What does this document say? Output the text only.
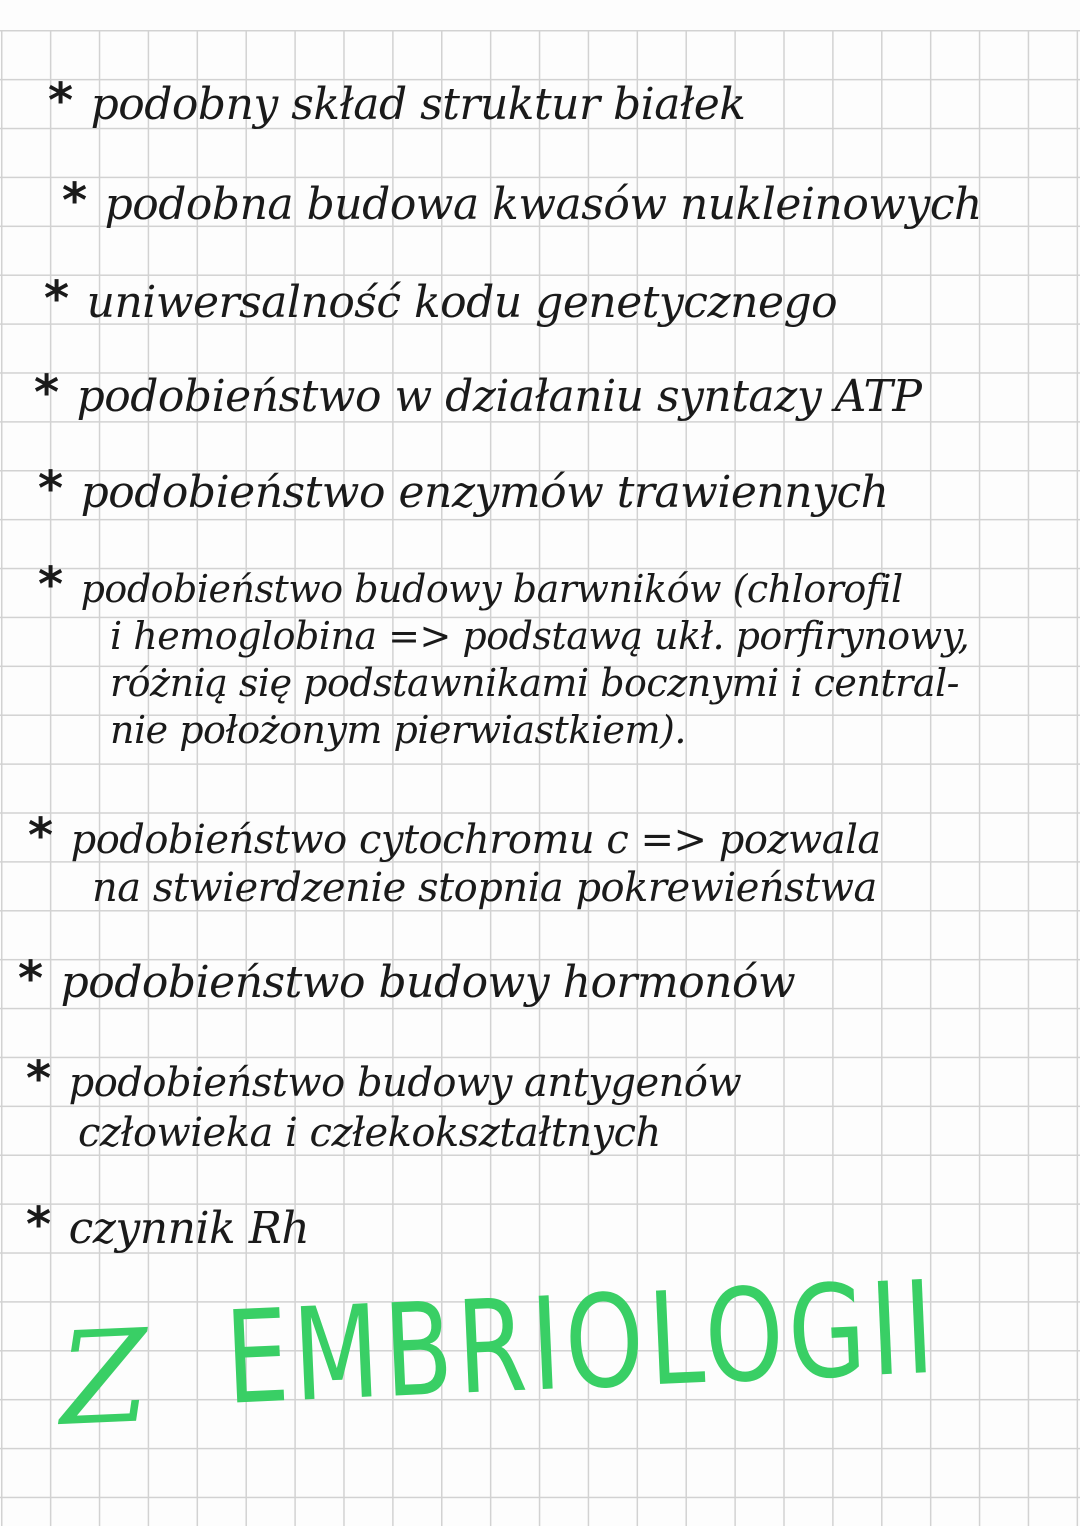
* podobny skład struktur białek
* podobna budowa kwasów nukleinowych
* uniwersalność kodu genetycznego
* podobieństwo w działaniu syntazy ATP
* podobieństwo enzymów trawiennych
* podobieństwo budowy barwników (chlorofil
i hemoglobina => podstawą ukł. porfirynowy,
różnią się podstawnikami bocznymi i central-
nie położonym pierwiastkiem).
* podobieństwo cytochromu c => pozwala
na stwierdzenie stopnia pokrewieństwa
* podobieństwo budowy hormonów
* podobieństwo budowy antygenów
człowieka i człekokształtnych
* czynnik Rh
Z EMBRIOLOGII
